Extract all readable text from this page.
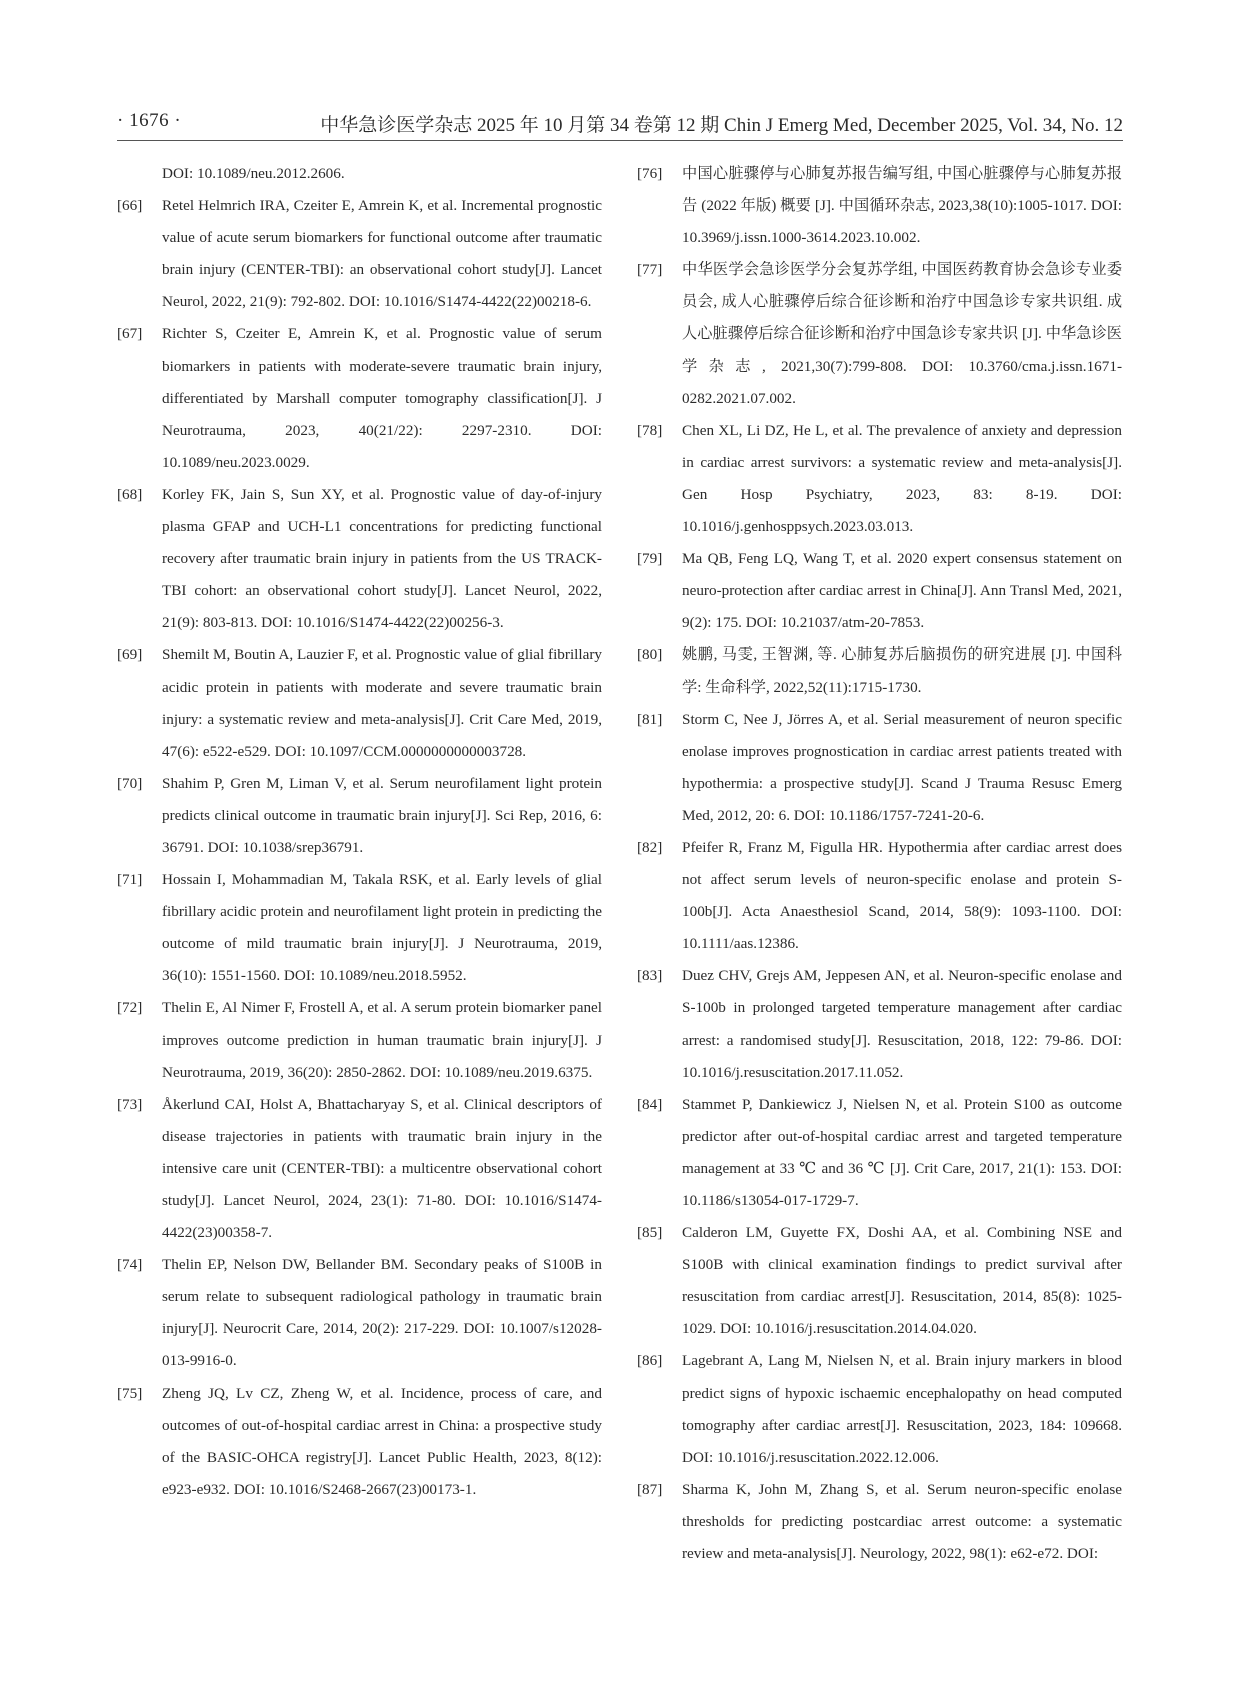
· 1676 ·	中华急诊医学杂志 2025 年 10 月第 34 卷第 12 期 Chin J Emerg Med, December 2025, Vol. 34, No. 12
DOI: 10.1089/neu.2012.2606.
[66] Retel Helmrich IRA, Czeiter E, Amrein K, et al. Incremental prognostic value of acute serum biomarkers for functional outcome after traumatic brain injury (CENTER-TBI): an observational cohort study[J]. Lancet Neurol, 2022, 21(9): 792-802. DOI: 10.1016/S1474-4422(22)00218-6.
[67] Richter S, Czeiter E, Amrein K, et al. Prognostic value of serum biomarkers in patients with moderate-severe traumatic brain injury, differentiated by Marshall computer tomography classification[J]. J Neurotrauma, 2023, 40(21/22): 2297-2310. DOI: 10.1089/neu.2023.0029.
[68] Korley FK, Jain S, Sun XY, et al. Prognostic value of day-of-injury plasma GFAP and UCH-L1 concentrations for predicting functional recovery after traumatic brain injury in patients from the US TRACK-TBI cohort: an observational cohort study[J]. Lancet Neurol, 2022, 21(9): 803-813. DOI: 10.1016/S1474-4422(22)00256-3.
[69] Shemilt M, Boutin A, Lauzier F, et al. Prognostic value of glial fibrillary acidic protein in patients with moderate and severe traumatic brain injury: a systematic review and meta-analysis[J]. Crit Care Med, 2019, 47(6): e522-e529. DOI: 10.1097/CCM.0000000000003728.
[70] Shahim P, Gren M, Liman V, et al. Serum neurofilament light protein predicts clinical outcome in traumatic brain injury[J]. Sci Rep, 2016, 6: 36791. DOI: 10.1038/srep36791.
[71] Hossain I, Mohammadian M, Takala RSK, et al. Early levels of glial fibrillary acidic protein and neurofilament light protein in predicting the outcome of mild traumatic brain injury[J]. J Neurotrauma, 2019, 36(10): 1551-1560. DOI: 10.1089/neu.2018.5952.
[72] Thelin E, Al Nimer F, Frostell A, et al. A serum protein biomarker panel improves outcome prediction in human traumatic brain injury[J]. J Neurotrauma, 2019, 36(20): 2850-2862. DOI: 10.1089/neu.2019.6375.
[73] Åkerlund CAI, Holst A, Bhattacharyay S, et al. Clinical descriptors of disease trajectories in patients with traumatic brain injury in the intensive care unit (CENTER-TBI): a multicentre observational cohort study[J]. Lancet Neurol, 2024, 23(1): 71-80. DOI: 10.1016/S1474-4422(23)00358-7.
[74] Thelin EP, Nelson DW, Bellander BM. Secondary peaks of S100B in serum relate to subsequent radiological pathology in traumatic brain injury[J]. Neurocrit Care, 2014, 20(2): 217-229. DOI: 10.1007/s12028-013-9916-0.
[75] Zheng JQ, Lv CZ, Zheng W, et al. Incidence, process of care, and outcomes of out-of-hospital cardiac arrest in China: a prospective study of the BASIC-OHCA registry[J]. Lancet Public Health, 2023, 8(12): e923-e932. DOI: 10.1016/S2468-2667(23)00173-1.
[76] 中国心脏骤停与心肺复苏报告编写组, 中国心脏骤停与心肺复苏报告 (2022 年版) 概要 [J]. 中国循环杂志, 2023,38(10):1005-1017. DOI: 10.3969/j.issn.1000-3614.2023.10.002.
[77] 中华医学会急诊医学分会复苏学组, 中国医药教育协会急诊专业委员会, 成人心脏骤停后综合征诊断和治疗中国急诊专家共识组. 成人心脏骤停后综合征诊断和治疗中国急诊专家共识 [J]. 中华急诊医学杂志, 2021,30(7):799-808. DOI: 10.3760/cma.j.issn.1671-0282.2021.07.002.
[78] Chen XL, Li DZ, He L, et al. The prevalence of anxiety and depression in cardiac arrest survivors: a systematic review and meta-analysis[J]. Gen Hosp Psychiatry, 2023, 83: 8-19. DOI: 10.1016/j.genhosppsych.2023.03.013.
[79] Ma QB, Feng LQ, Wang T, et al. 2020 expert consensus statement on neuro-protection after cardiac arrest in China[J]. Ann Transl Med, 2021, 9(2): 175. DOI: 10.21037/atm-20-7853.
[80] 姚鹏, 马雯, 王智渊, 等. 心肺复苏后脑损伤的研究进展 [J]. 中国科学: 生命科学, 2022,52(11):1715-1730.
[81] Storm C, Nee J, Jörres A, et al. Serial measurement of neuron specific enolase improves prognostication in cardiac arrest patients treated with hypothermia: a prospective study[J]. Scand J Trauma Resusc Emerg Med, 2012, 20: 6. DOI: 10.1186/1757-7241-20-6.
[82] Pfeifer R, Franz M, Figulla HR. Hypothermia after cardiac arrest does not affect serum levels of neuron-specific enolase and protein S-100b[J]. Acta Anaesthesiol Scand, 2014, 58(9): 1093-1100. DOI: 10.1111/aas.12386.
[83] Duez CHV, Grejs AM, Jeppesen AN, et al. Neuron-specific enolase and S-100b in prolonged targeted temperature management after cardiac arrest: a randomised study[J]. Resuscitation, 2018, 122: 79-86. DOI: 10.1016/j.resuscitation.2017.11.052.
[84] Stammet P, Dankiewicz J, Nielsen N, et al. Protein S100 as outcome predictor after out-of-hospital cardiac arrest and targeted temperature management at 33 ℃ and 36 ℃ [J]. Crit Care, 2017, 21(1): 153. DOI: 10.1186/s13054-017-1729-7.
[85] Calderon LM, Guyette FX, Doshi AA, et al. Combining NSE and S100B with clinical examination findings to predict survival after resuscitation from cardiac arrest[J]. Resuscitation, 2014, 85(8): 1025-1029. DOI: 10.1016/j.resuscitation.2014.04.020.
[86] Lagebrant A, Lang M, Nielsen N, et al. Brain injury markers in blood predict signs of hypoxic ischaemic encephalopathy on head computed tomography after cardiac arrest[J]. Resuscitation, 2023, 184: 109668. DOI: 10.1016/j.resuscitation.2022.12.006.
[87] Sharma K, John M, Zhang S, et al. Serum neuron-specific enolase thresholds for predicting postcardiac arrest outcome: a systematic review and meta-analysis[J]. Neurology, 2022, 98(1): e62-e72. DOI:
